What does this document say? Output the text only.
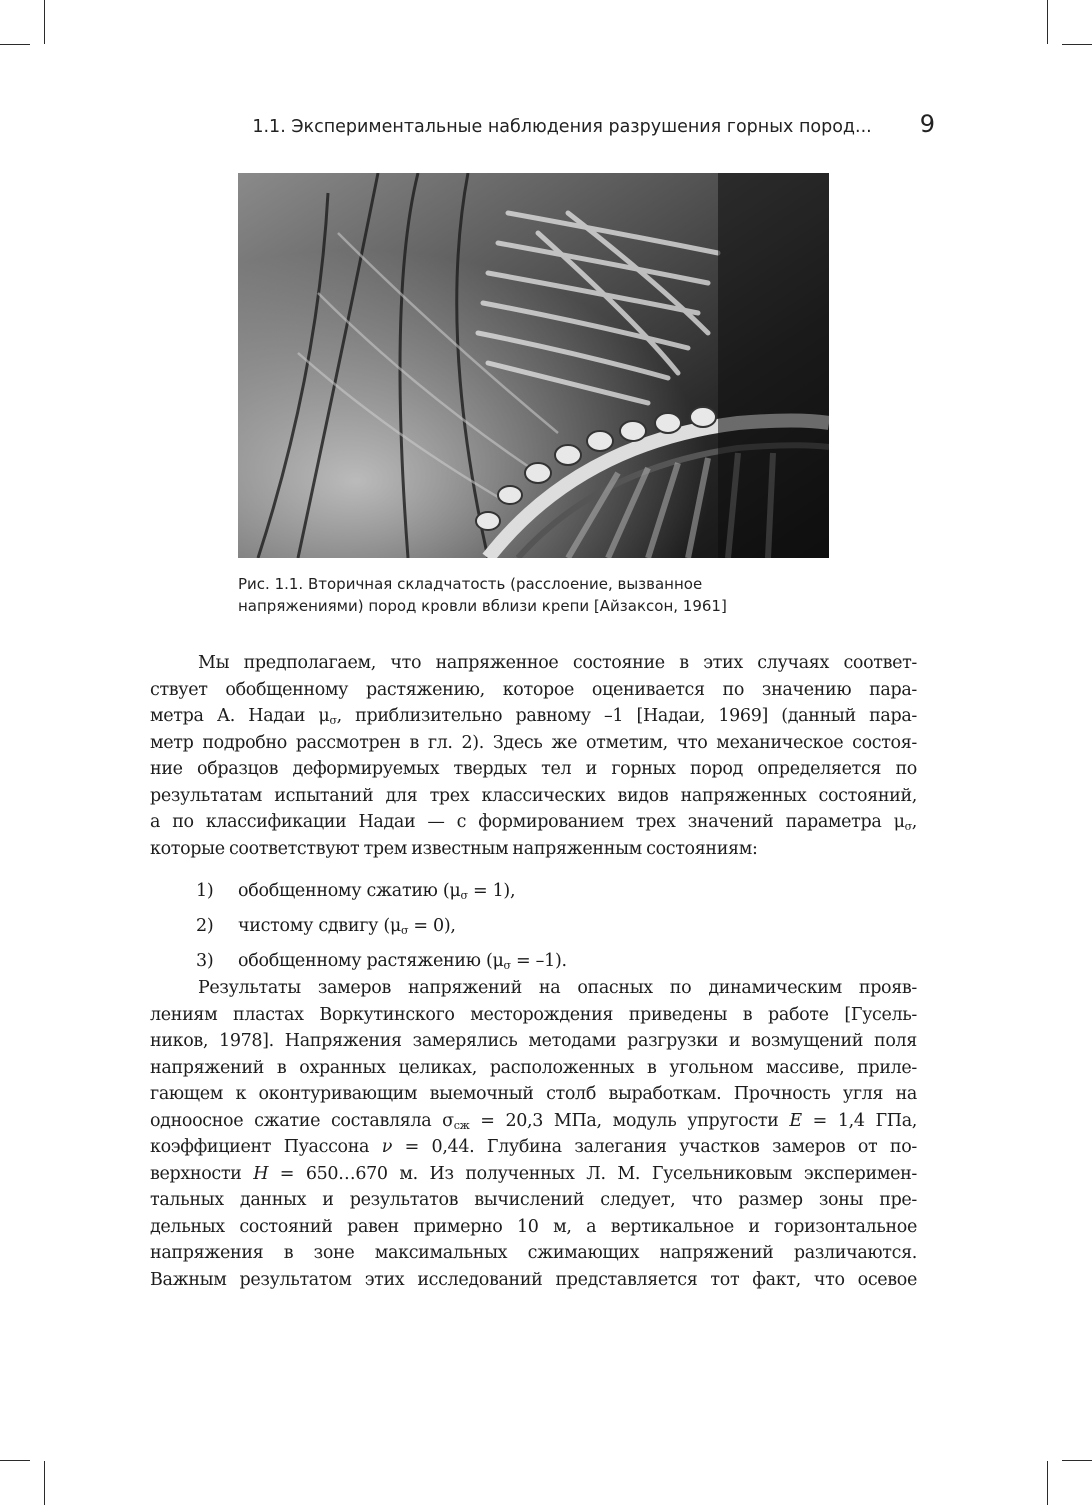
1.1. Экспериментальные наблюдения разрушения горных пород... 9
Рис. 1.1. Вторичная складчатость (расслоение, вызванное
напряжениями) пород кровли вблизи крепи [Айзаксон, 1961]
Мы предполагаем, что напряженное состояние в этих случаях соответ-
ствует обобщенному растяжению, которое оценивается по значению пара-
метра А. Надаи $\mu_\sigma$, приблизительно равному –1 [Надаи, 1969] (данный пара-
метр подробно рассмотрен в гл. 2). Здесь же отметим, что механическое состоя-
ние образцов деформируемых твердых тел и горных пород определяется по
результатам испытаний для трех классических видов напряженных состояний,
а по классификации Надаи — с формированием трех значений параметра $\mu_\sigma$,
которые соответствуют трем известным напряженным состояниям:
1)	обобщенному сжатию $(\mu_\sigma = 1)$,
2)	чистому сдвигу $(\mu_\sigma = 0)$,
3)	обобщенному растяжению $(\mu_\sigma = -1)$.
Результаты замеров напряжений на опасных по динамическим прояв-
лениям пластах Воркутинского месторождения приведены в работе [Гусель-
ников, 1978]. Напряжения замерялись методами разгрузки и возмущений поля
напряжений в охранных целиках, расположенных в угольном массиве, приле-
гающем к оконтуривающим выемочный столб выработкам. Прочность угля на
одноосное сжатие составляла $\sigma_{сж} = 20,3$ МПа, модуль упругости E = 1,4 ГПа,
коэффициент Пуассона ν = 0,44. Глубина залегания участков замеров от по-
верхности H = 650…670 м. Из полученных Л. М. Гусельниковым эксперимен-
тальных данных и результатов вычислений следует, что размер зоны пре-
дельных состояний равен примерно 10 м, а вертикальное и горизонтальное
напряжения в зоне максимальных сжимающих напряжений различаются.
Важным результатом этих исследований представляется тот факт, что осевое
